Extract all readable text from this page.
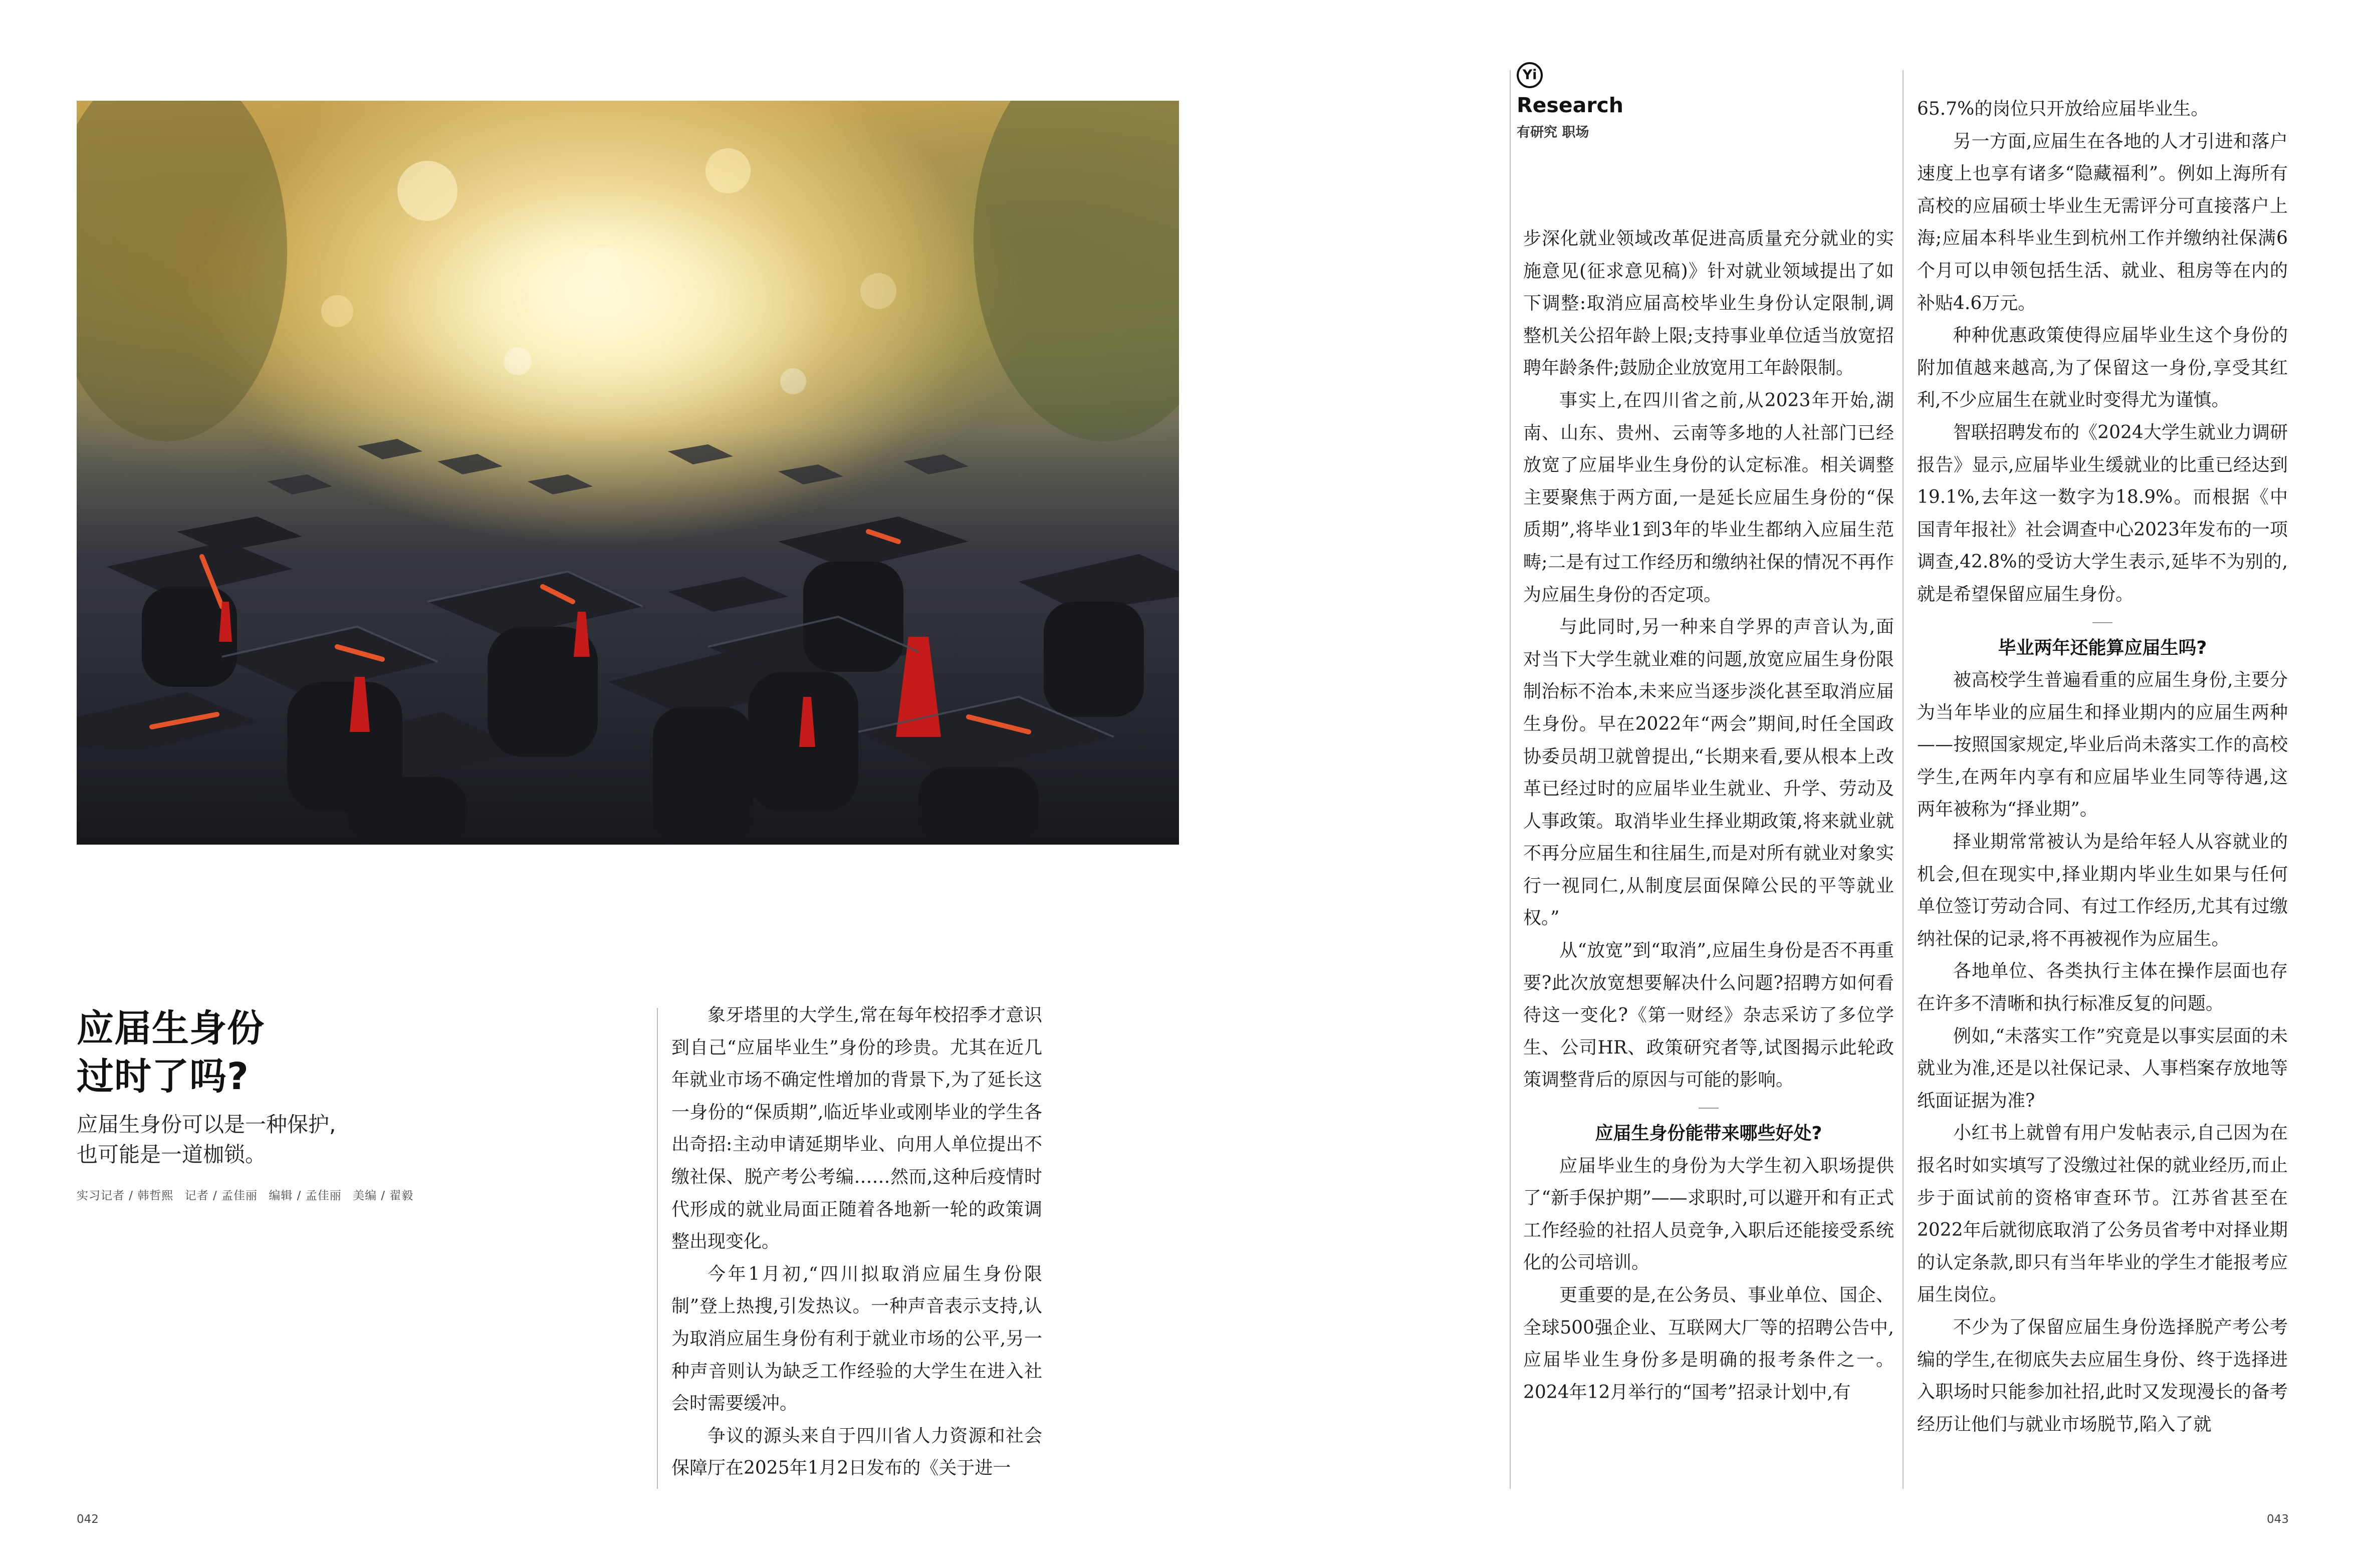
应届生身份
过时了吗?
应届生身份可以是一种保护,
也可能是一道枷锁。
实习记者 / 韩哲熙 记者 / 孟佳丽 编辑 / 孟佳丽 美编 / 翟毅

象牙塔里的大学生,常在每年校招季才意识到自己“应届毕业生”身份的珍贵。尤其在近几年就业市场不确定性增加的背景下,为了延长这一身份的“保质期”,临近毕业或刚毕业的学生各出奇招:主动申请延期毕业、向用人单位提出不缴社保、脱产考公考编……然而,这种后疫情时代形成的就业局面正随着各地新一轮的政策调整出现变化。

今年1月初,“四川拟取消应届生身份限制”登上热搜,引发热议。一种声音表示支持,认为取消应届生身份有利于就业市场的公平,另一种声音则认为缺乏工作经验的大学生在进入社会时需要缓冲。

争议的源头来自于四川省人力资源和社会保障厅在2025年1月2日发布的《关于进一

042
Yi
Research
有研究 职场

步深化就业领域改革促进高质量充分就业的实施意见(征求意见稿)》针对就业领域提出了如下调整:取消应届高校毕业生身份认定限制,调整机关公招年龄上限;支持事业单位适当放宽招聘年龄条件;鼓励企业放宽用工年龄限制。

事实上,在四川省之前,从2023年开始,湖南、山东、贵州、云南等多地的人社部门已经放宽了应届毕业生身份的认定标准。相关调整主要聚焦于两方面,一是延长应届生身份的“保质期”,将毕业1到3年的毕业生都纳入应届生范畴;二是有过工作经历和缴纳社保的情况不再作为应届生身份的否定项。

与此同时,另一种来自学界的声音认为,面对当下大学生就业难的问题,放宽应届生身份限制治标不治本,未来应当逐步淡化甚至取消应届生身份。早在2022年“两会”期间,时任全国政协委员胡卫就曾提出,“长期来看,要从根本上改革已经过时的应届毕业生就业、升学、劳动及人事政策。取消毕业生择业期政策,将来就业就不再分应届生和往届生,而是对所有就业对象实行一视同仁,从制度层面保障公民的平等就业权。”

从“放宽”到“取消”,应届生身份是否不再重要?此次放宽想要解决什么问题?招聘方如何看待这一变化?《第一财经》杂志采访了多位学生、公司HR、政策研究者等,试图揭示此轮政策调整背后的原因与可能的影响。

应届生身份能带来哪些好处?

应届毕业生的身份为大学生初入职场提供了“新手保护期”——求职时,可以避开和有正式工作经验的社招人员竞争,入职后还能接受系统化的公司培训。

更重要的是,在公务员、事业单位、国企、全球500强企业、互联网大厂等的招聘公告中,应届毕业生身份多是明确的报考条件之一。2024年12月举行的“国考”招录计划中,有

65.7%的岗位只开放给应届毕业生。

另一方面,应届生在各地的人才引进和落户速度上也享有诸多“隐藏福利”。例如上海所有高校的应届硕士毕业生无需评分可直接落户上海;应届本科毕业生到杭州工作并缴纳社保满6个月可以申领包括生活、就业、租房等在内的补贴4.6万元。

种种优惠政策使得应届毕业生这个身份的附加值越来越高,为了保留这一身份,享受其红利,不少应届生在就业时变得尤为谨慎。

智联招聘发布的《2024大学生就业力调研报告》显示,应届毕业生缓就业的比重已经达到19.1%,去年这一数字为18.9%。而根据《中国青年报社》社会调查中心2023年发布的一项调查,42.8%的受访大学生表示,延毕不为别的,就是希望保留应届生身份。

毕业两年还能算应届生吗?

被高校学生普遍看重的应届生身份,主要分为当年毕业的应届生和择业期内的应届生两种——按照国家规定,毕业后尚未落实工作的高校学生,在两年内享有和应届毕业生同等待遇,这两年被称为“择业期”。

择业期常常被认为是给年轻人从容就业的机会,但在现实中,择业期内毕业生如果与任何单位签订劳动合同、有过工作经历,尤其有过缴纳社保的记录,将不再被视作为应届生。

各地单位、各类执行主体在操作层面也存在许多不清晰和执行标准反复的问题。

例如,“未落实工作”究竟是以事实层面的未就业为准,还是以社保记录、人事档案存放地等纸面证据为准?

小红书上就曾有用户发帖表示,自己因为在报名时如实填写了没缴过社保的就业经历,而止步于面试前的资格审查环节。江苏省甚至在2022年后就彻底取消了公务员省考中对择业期的认定条款,即只有当年毕业的学生才能报考应届生岗位。

不少为了保留应届生身份选择脱产考公考编的学生,在彻底失去应届生身份、终于选择进入职场时只能参加社招,此时又发现漫长的备考经历让他们与就业市场脱节,陷入了就

043
